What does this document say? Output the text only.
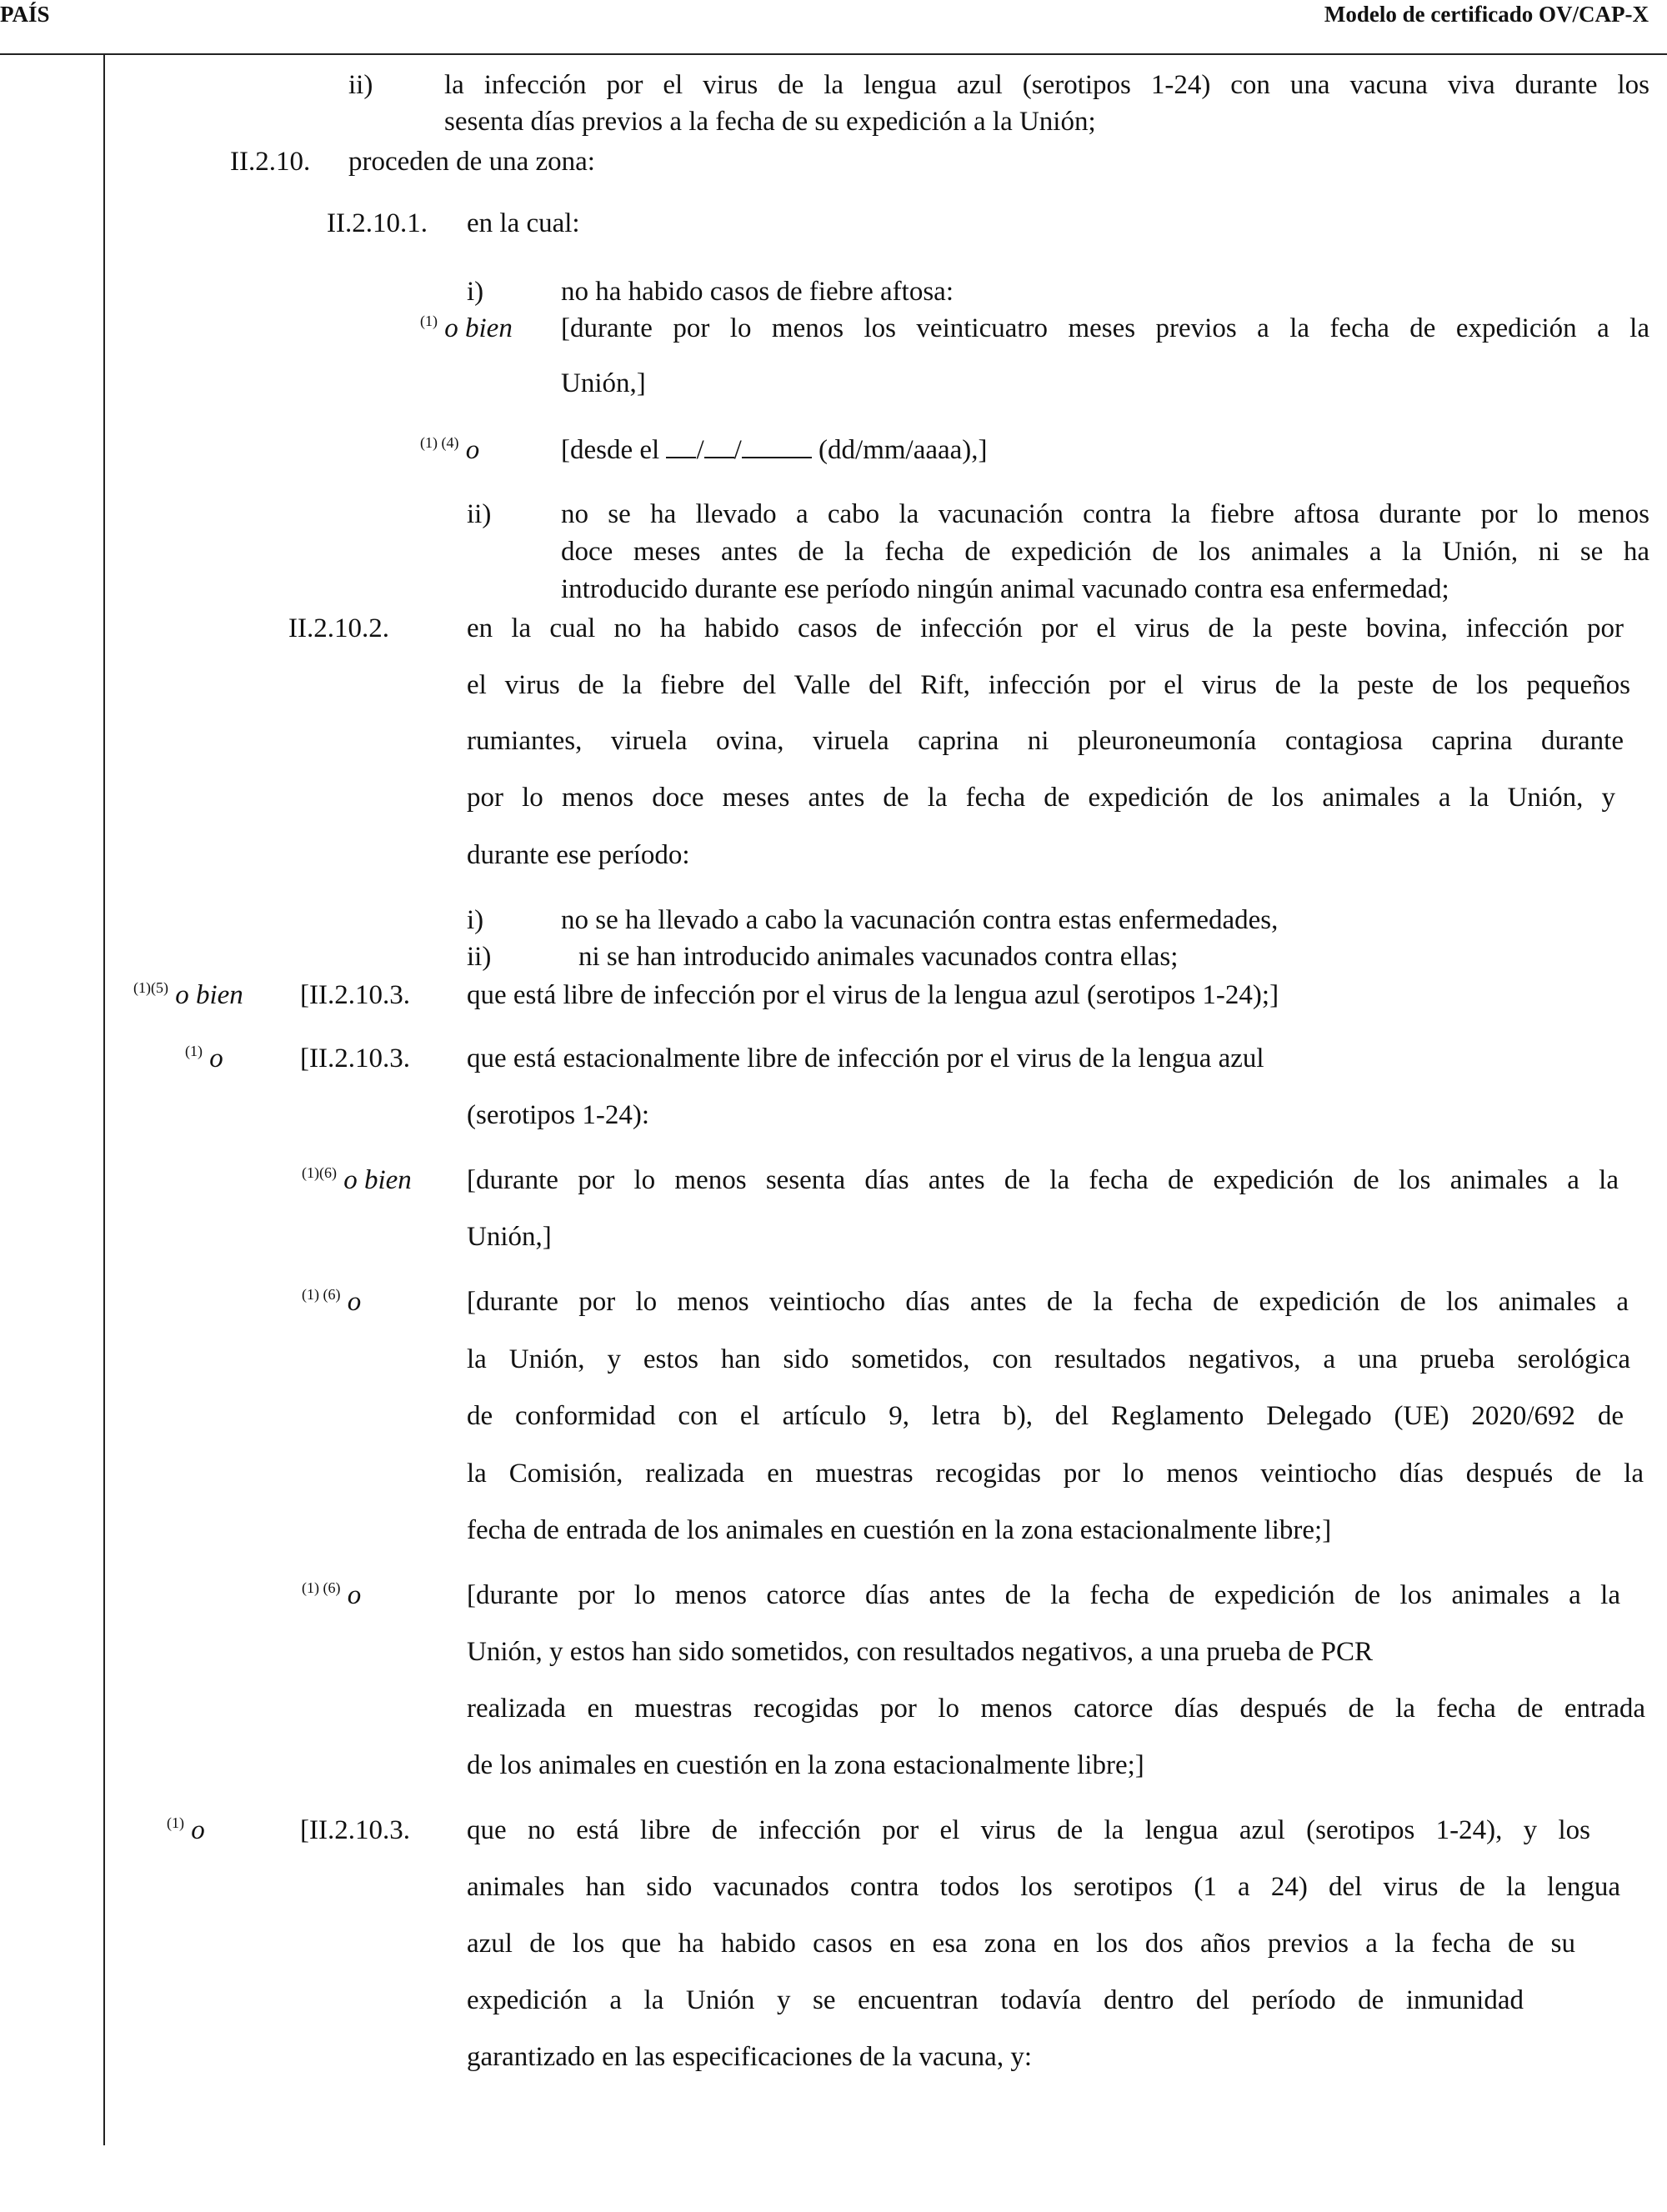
PAÍS	Modelo de certificado OV/CAP-X
ii)	la infección por el virus de la lengua azul (serotipos 1-24) con una vacuna viva durante los
sesenta días previos a la fecha de su expedición a la Unión;
II.2.10. proceden de una zona:
II.2.10.1. en la cual:
i)	no ha habido casos de fiebre aftosa:
$^{(1)}$ o bien [durante por lo menos los veinticuatro meses previos a la fecha de expedición a la
Unión,]
$^{(1) (4)}$ o	[desde el / /	(dd/mm/aaaa),]
ii)	no se ha llevado a cabo la vacunación contra la fiebre aftosa durante por lo menos
doce meses antes de la fecha de expedición de los animales a la Unión, ni se ha
introducido durante ese período ningún animal vacunado contra esa enfermedad;
II.2.10.2.	en la cual no ha habido casos de infección por el virus de la peste bovina, infección por
el virus de la fiebre del Valle del Rift, infección por el virus de la peste de los pequeños
rumiantes, viruela ovina, viruela caprina ni pleuroneumonía contagiosa caprina durante
por lo menos doce meses antes de la fecha de expedición de los animales a la Unión, y
durante ese período:
i)	no se ha llevado a cabo la vacunación contra estas enfermedades,
ii)	ni se han introducido animales vacunados contra ellas;
$^{(1)(5)}$ o bien [II.2.10.3. que está libre de infección por el virus de la lengua azul (serotipos 1-24);]
$^{(1)}$ o	[II.2.10.3. que está estacionalmente libre de infección por el virus de la lengua azul
(serotipos 1-24):
$^{(1)(6)}$ o bien [durante por lo menos sesenta días antes de la fecha de expedición de los animales a la
Unión,]
$^{(1) (6)}$ o	[durante por lo menos veintiocho días antes de la fecha de expedición de los animales a
la Unión, y estos han sido sometidos, con resultados negativos, a una prueba serológica
de conformidad con el artículo 9, letra b), del Reglamento Delegado (UE) 2020/692 de
la Comisión, realizada en muestras recogidas por lo menos veintiocho días después de la
fecha de entrada de los animales en cuestión en la zona estacionalmente libre;]
$^{(1) (6)}$ o	[durante por lo menos catorce días antes de la fecha de expedición de los animales a la
Unión, y estos han sido sometidos, con resultados negativos, a una prueba de PCR
realizada en muestras recogidas por lo menos catorce días después de la fecha de entrada
de los animales en cuestión en la zona estacionalmente libre;]
$^{(1)}$ o	[II.2.10.3. que no está libre de infección por el virus de la lengua azul (serotipos 1-24), y los
animales han sido vacunados contra todos los serotipos (1 a 24) del virus de la lengua
azul de los que ha habido casos en esa zona en los dos años previos a la fecha de su
expedición a la Unión y se encuentran todavía dentro del período de inmunidad
garantizado en las especificaciones de la vacuna, y:
